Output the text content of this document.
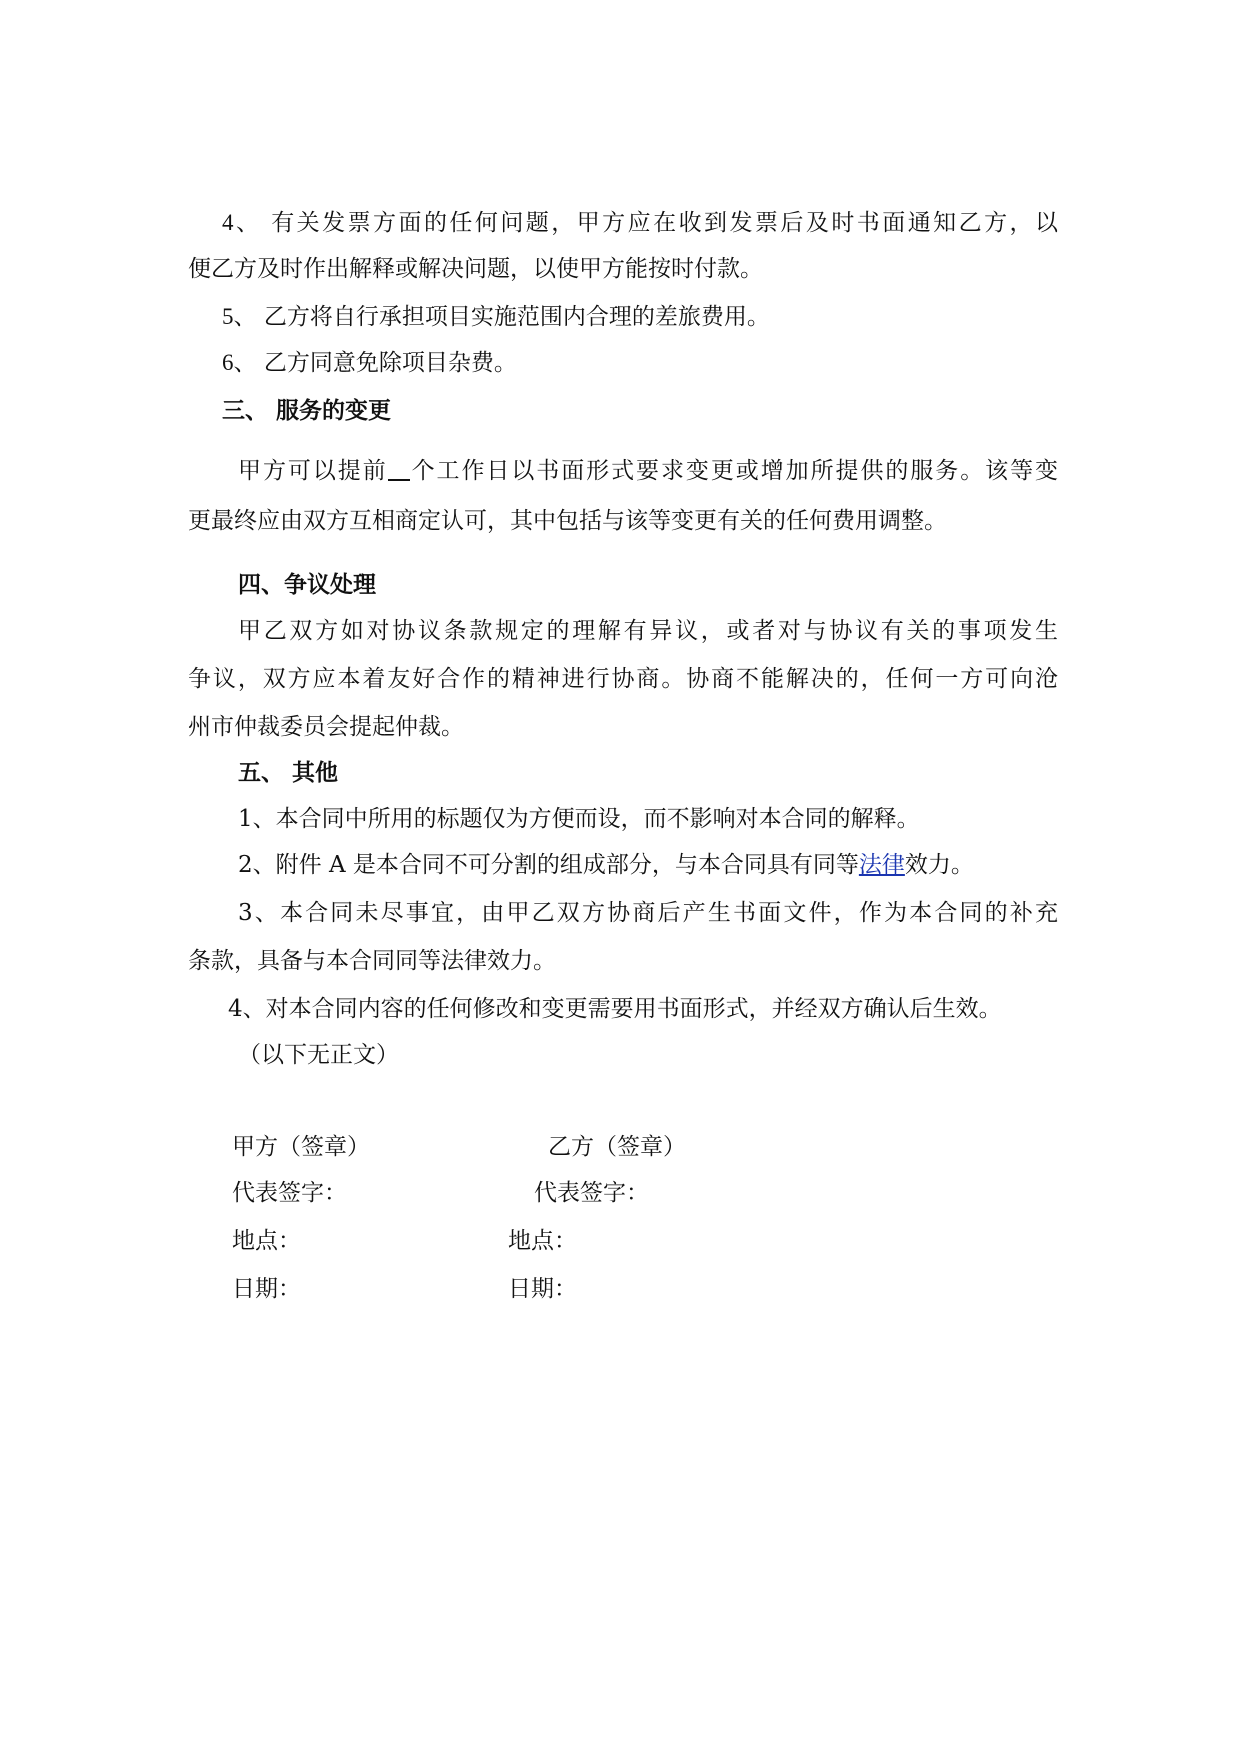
4、 有关发票方面的任何问题，甲方应在收到发票后及时书面通知乙方，以
便乙方及时作出解释或解决问题，以使甲方能按时付款。
5、 乙方将自行承担项目实施范围内合理的差旅费用。
6、 乙方同意免除项目杂费。
三、 服务的变更
甲方可以提前 个工作日以书面形式要求变更或增加所提供的服务。该等变
更最终应由双方互相商定认可，其中包括与该等变更有关的任何费用调整。
四、争议处理
甲乙双方如对协议条款规定的理解有异议，或者对与协议有关的事项发生
争议，双方应本着友好合作的精神进行协商。协商不能解决的，任何一方可向沧
州市仲裁委员会提起仲裁。
五、 其他
1、本合同中所用的标题仅为方便而设，而不影响对本合同的解释。
2、附件 A 是本合同不可分割的组成部分，与本合同具有同等法律效力。
3、本合同未尽事宜，由甲乙双方协商后产生书面文件，作为本合同的补充
条款，具备与本合同同等法律效力。
4、对本合同内容的任何修改和变更需要用书面形式，并经双方确认后生效。
（以下无正文）
甲方（签章）
代表签字：
地点：
日期：
乙方（签章）
代表签字：
地点：
日期：
